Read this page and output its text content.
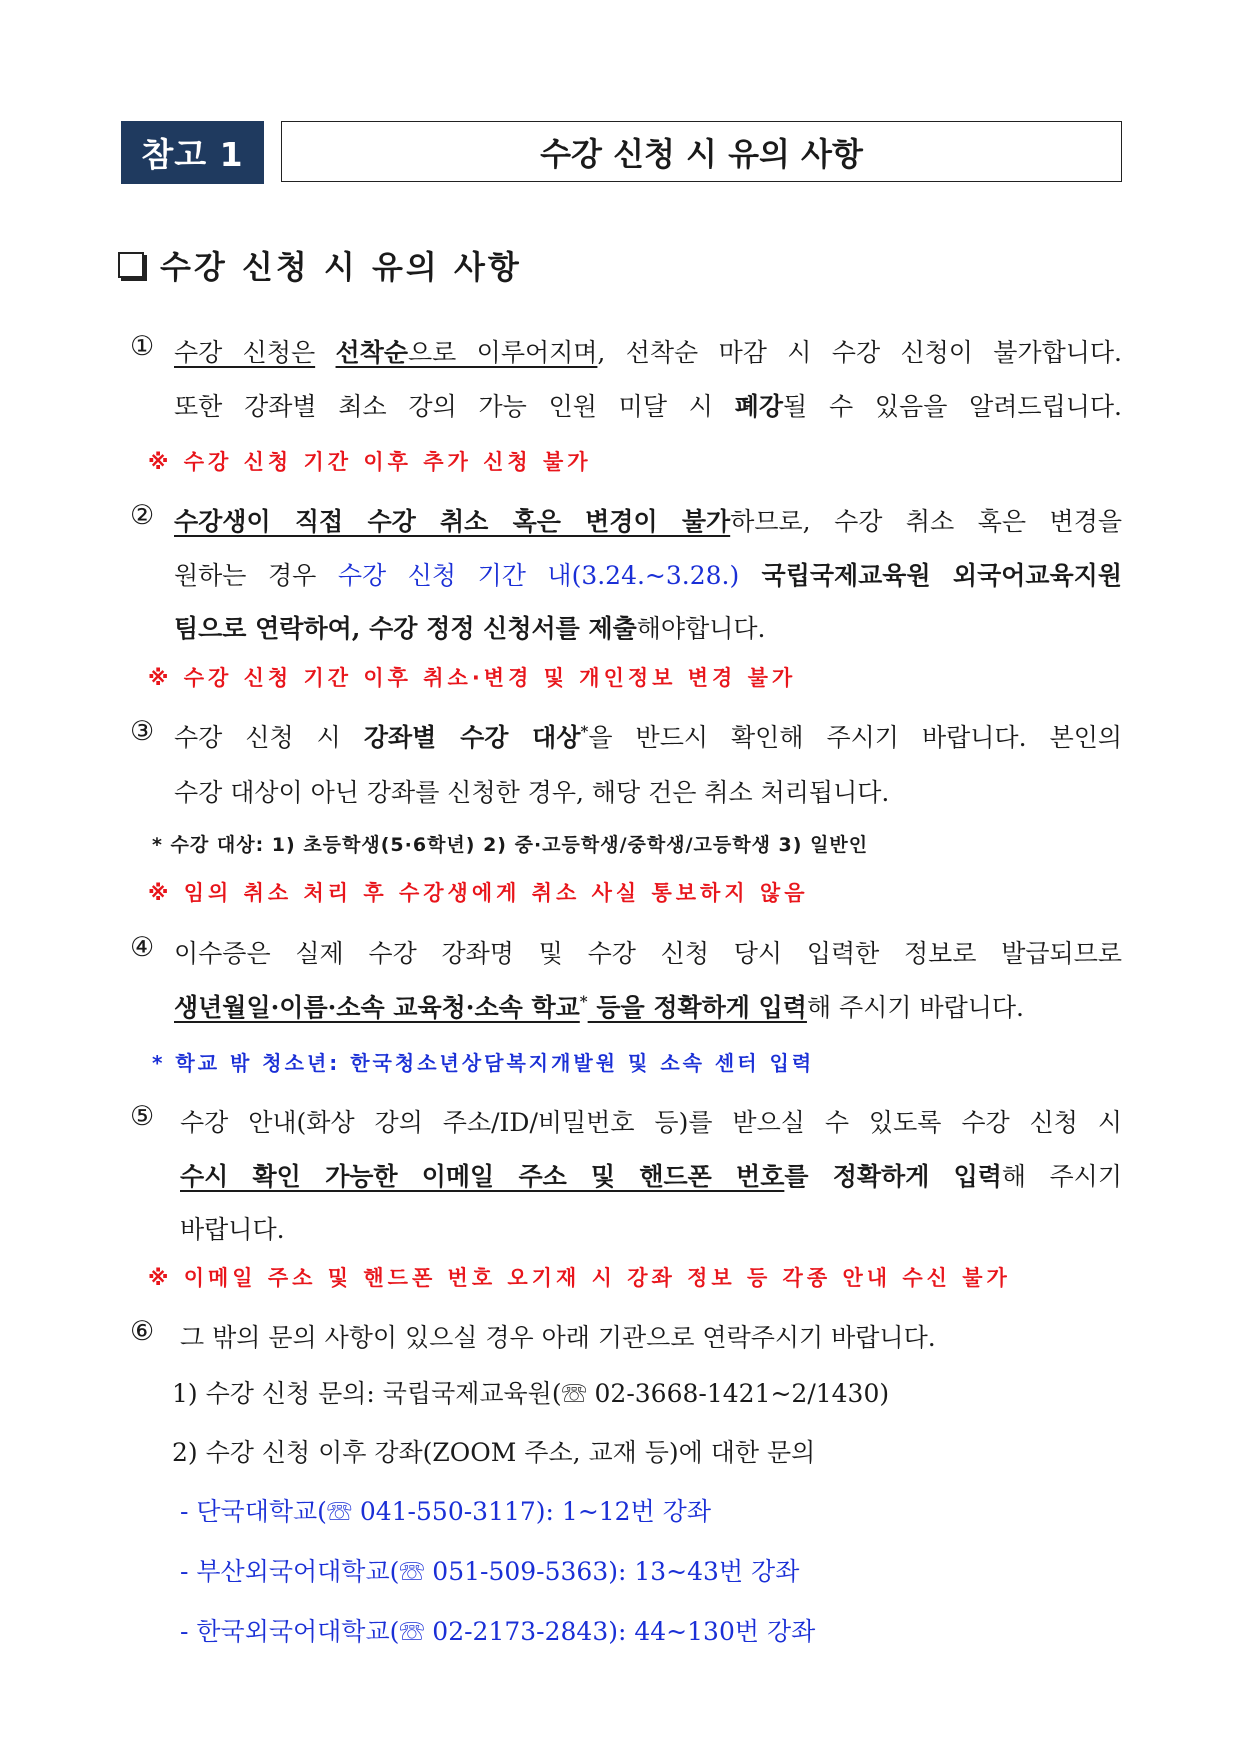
참고 1	수강 신청 시 유의 사항
수강 신청 시 유의 사항
① 수강 신청은 선착순으로 이루어지며, 선착순 마감 시 수강 신청이 불가합니다.
또한 강좌별 최소 강의 가능 인원 미달 시 폐강될 수 있음을 알려드립니다.
※ 수강 신청 기간 이후 추가 신청 불가
② 수강생이 직접 수강 취소 혹은 변경이 불가하므로, 수강 취소 혹은 변경을
원하는 경우 수강 신청 기간 내(3.24.~3.28.) 국립국제교육원 외국어교육지원
팀으로 연락하여, 수강 정정 신청서를 제출해야합니다.
※ 수강 신청 기간 이후 취소·변경 및 개인정보 변경 불가
③ 수강 신청 시 강좌별 수강 대상*을 반드시 확인해 주시기 바랍니다. 본인의
수강 대상이 아닌 강좌를 신청한 경우, 해당 건은 취소 처리됩니다.
* 수강 대상: 1) 초등학생(5·6학년) 2) 중·고등학생/중학생/고등학생 3) 일반인
※ 임의 취소 처리 후 수강생에게 취소 사실 통보하지 않음
④ 이수증은 실제 수강 강좌명 및 수강 신청 당시 입력한 정보로 발급되므로
생년월일·이름·소속 교육청·소속 학교* 등을 정확하게 입력해 주시기 바랍니다.
* 학교 밖 청소년: 한국청소년상담복지개발원 및 소속 센터 입력
⑤ 수강 안내(화상 강의 주소/ID/비밀번호 등)를 받으실 수 있도록 수강 신청 시
수시 확인 가능한 이메일 주소 및 핸드폰 번호를 정확하게 입력해 주시기
바랍니다.
※ 이메일 주소 및 핸드폰 번호 오기재 시 강좌 정보 등 각종 안내 수신 불가
⑥ 그 밖의 문의 사항이 있으실 경우 아래 기관으로 연락주시기 바랍니다.
1) 수강 신청 문의: 국립국제교육원(☏ 02-3668-1421~2/1430)
2) 수강 신청 이후 강좌(ZOOM 주소, 교재 등)에 대한 문의
- 단국대학교(☏ 041-550-3117): 1~12번 강좌
- 부산외국어대학교(☏ 051-509-5363): 13~43번 강좌
- 한국외국어대학교(☏ 02-2173-2843): 44~130번 강좌
